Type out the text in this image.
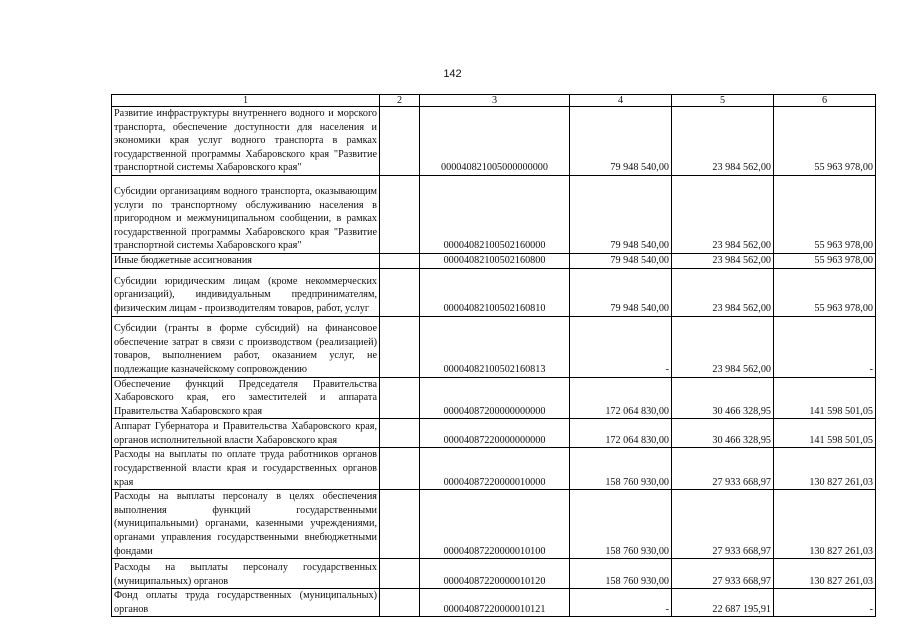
142
1	2	3	4	5	6
Развитие инфраструктуры внутреннего водного и морского транспорта, обеспечение доступности для населения и экономики края услуг водного транспорта в рамках государственной программы Хабаровского края "Развитие транспортной системы Хабаровского края"		000040821005000000000	79 948 540,00	23 984 562,00	55 963 978,00
Субсидии организациям водного транспорта, оказывающим услуги по транспортному обслуживанию населения в пригородном и межмуниципальном сообщении, в рамках государственной программы Хабаровского края "Развитие транспортной системы Хабаровского края"		00004082100502160000	79 948 540,00	23 984 562,00	55 963 978,00
Иные бюджетные ассигнования		00004082100502160800	79 948 540,00	23 984 562,00	55 963 978,00
Субсидии юридическим лицам (кроме некоммерческих организаций), индивидуальным предпринимателям, физическим лицам - производителям товаров, работ, услуг		00004082100502160810	79 948 540,00	23 984 562,00	55 963 978,00
Субсидии (гранты в форме субсидий) на финансовое обеспечение затрат в связи с производством (реализацией) товаров, выполнением работ, оказанием услуг, не подлежащие казначейскому сопровождению		00004082100502160813	-	23 984 562,00	-
Обеспечение функций Председателя Правительства Хабаровского края, его заместителей и аппарата Правительства Хабаровского края		00004087200000000000	172 064 830,00	30 466 328,95	141 598 501,05
Аппарат Губернатора и Правительства Хабаровского края, органов исполнительной власти Хабаровского края		00004087220000000000	172 064 830,00	30 466 328,95	141 598 501,05
Расходы на выплаты по оплате труда работников органов государственной власти края и государственных органов края		00004087220000010000	158 760 930,00	27 933 668,97	130 827 261,03
Расходы на выплаты персоналу в целях обеспечения выполнения функций государственными (муниципальными) органами, казенными учреждениями, органами управления государственными внебюджетными фондами		00004087220000010100	158 760 930,00	27 933 668,97	130 827 261,03
Расходы на выплаты персоналу государственных (муниципальных) органов		00004087220000010120	158 760 930,00	27 933 668,97	130 827 261,03
Фонд оплаты труда государственных (муниципальных) органов		00004087220000010121	-	22 687 195,91	-
